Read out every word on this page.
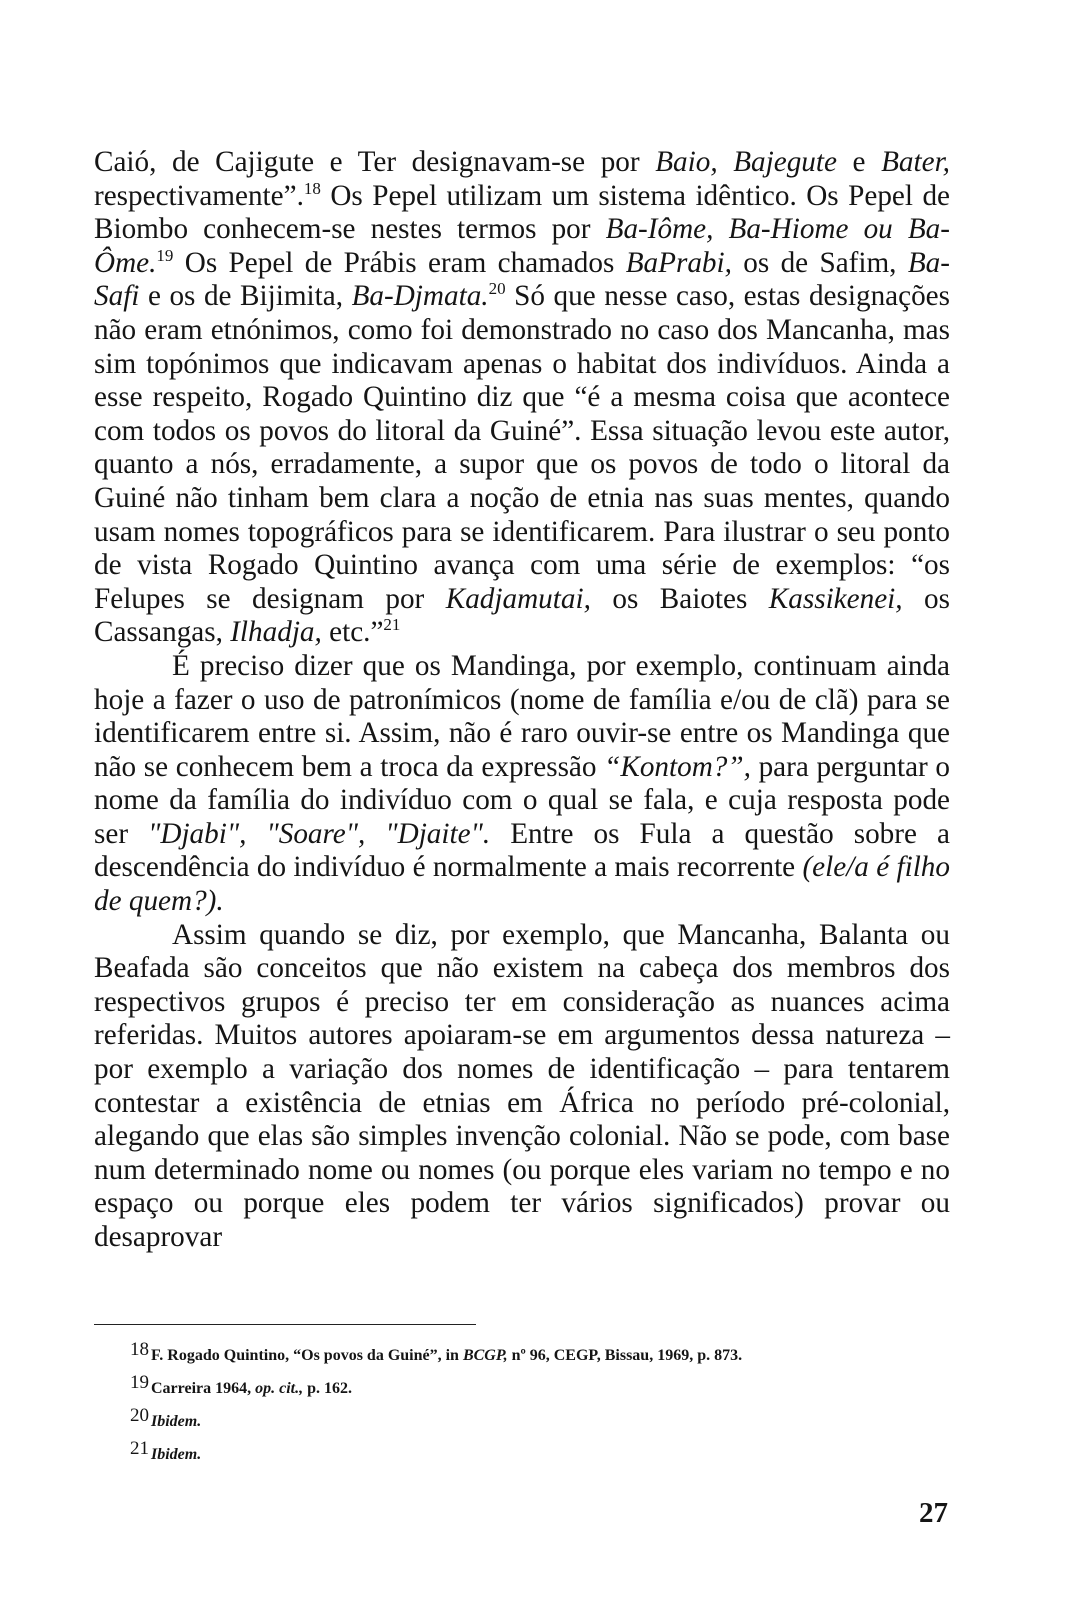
Caió, de Cajigute e Ter designavam-se por Baio, Bajegute e Bater, respectivamente”.$^{18}$ Os Pepel utilizam um sistema idêntico. Os Pepel de Biombo conhecem-se nestes termos por Ba-Iôme, Ba-Hiome ou Ba-Ôme.$^{19}$ Os Pepel de Prábis eram chamados BaPrabi, os de Safim, Ba-Safi e os de Bijimita, Ba-Djmata.$^{20}$ Só que nesse caso, estas designações não eram etnónimos, como foi demonstrado no caso dos Mancanha, mas sim topónimos que indicavam apenas o habitat dos indivíduos. Ainda a esse respeito, Rogado Quintino diz que “é a mesma coisa que acontece com todos os povos do litoral da Guiné”. Essa situação levou este autor, quanto a nós, erradamente, a supor que os povos de todo o litoral da Guiné não tinham bem clara a noção de etnia nas suas mentes, quando usam nomes topográficos para se identificarem. Para ilustrar o seu ponto de vista Rogado Quintino avança com uma série de exemplos: “os Felupes se designam por Kadjamutai, os Baiotes Kassikenei, os Cassangas, Ilhadja, etc.”$^{21}$

É preciso dizer que os Mandinga, por exemplo, continuam ainda hoje a fazer o uso de patronímicos (nome de família e/ou de clã) para se identificarem entre si. Assim, não é raro ouvir-se entre os Mandinga que não se conhecem bem a troca da expressão “Kontom?”, para perguntar o nome da família do indivíduo com o qual se fala, e cuja resposta pode ser "Djabi", "Soare", "Djaite". Entre os Fula a questão sobre a descendência do indivíduo é normalmente a mais recorrente (ele/a é filho de quem?).

Assim quando se diz, por exemplo, que Mancanha, Balanta ou Beafada são conceitos que não existem na cabeça dos membros dos respectivos grupos é preciso ter em consideração as nuances acima referidas. Muitos autores apoiaram-se em argumentos dessa natureza – por exemplo a variação dos nomes de identificação – para tentarem contestar a existência de etnias em África no período pré-colonial, alegando que elas são simples invenção colonial. Não se pode, com base num determinado nome ou nomes (ou porque eles variam no tempo e no espaço ou porque eles podem ter vários significados) provar ou desaprovar

18 F. Rogado Quintino, “Os povos da Guiné”, in BCGP, nº 96, CEGP, Bissau, 1969, p. 873.
19 Carreira 1964, op. cit., p. 162.
20 Ibidem.
21 Ibidem.
27
